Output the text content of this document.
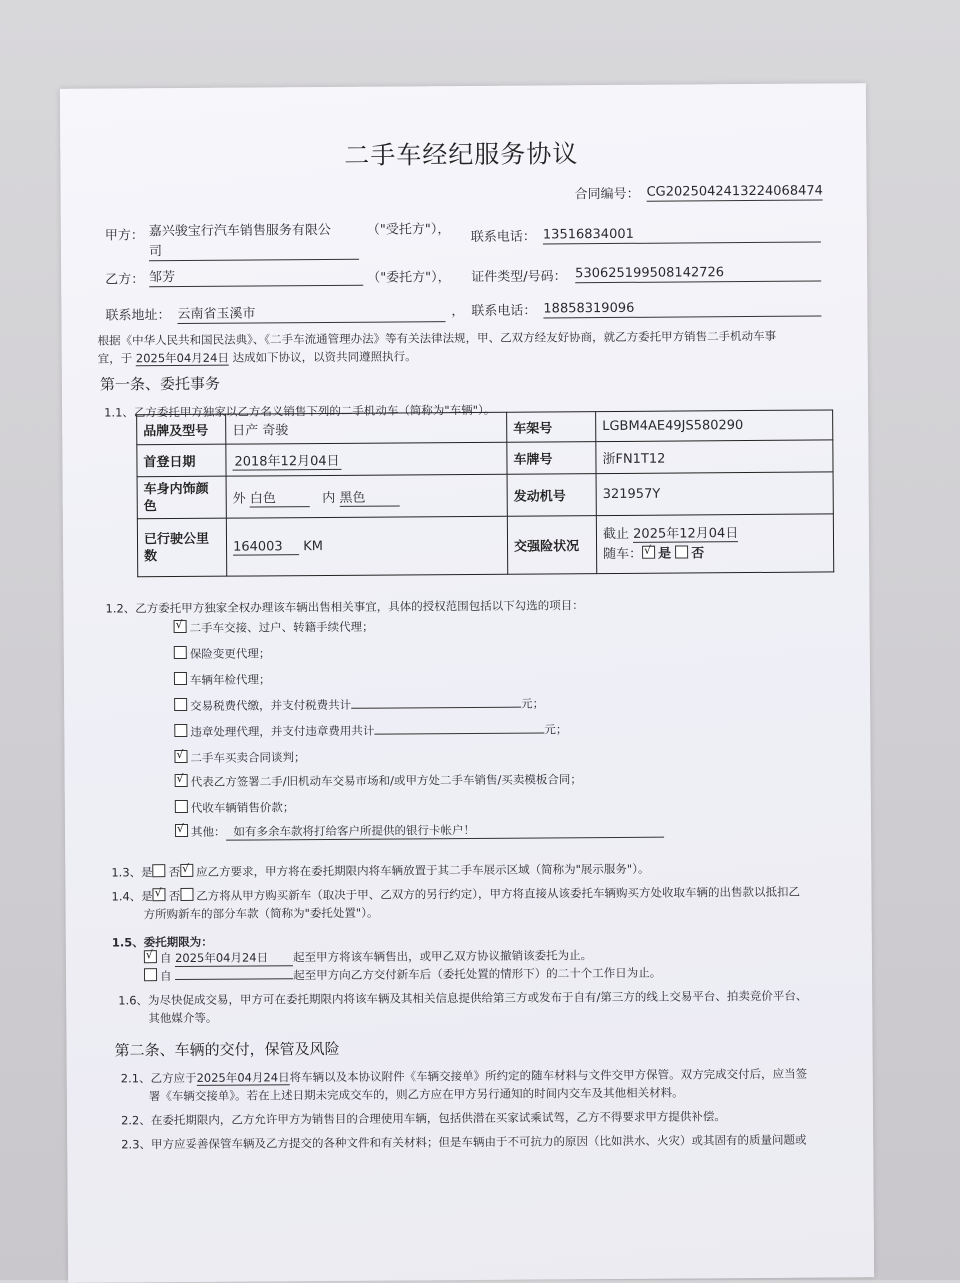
二手车经纪服务协议
合同编号： CG2025042413224068474
甲方： 嘉兴骏宝行汽车销售服务有限公
司
（"受托方"）， 联系电话： 13516834001
乙方： 邹芳	（"委托方"）， 证件类型/号码： 530625199508142726
联系地址： 云南省玉溪市	， 联系电话： 18858319096
根据《中华人民共和国民法典》、《二手车流通管理办法》等有关法律法规，甲、乙双方经友好协商，就乙方委托甲方销售二手机动车事
宜，于 2025年04月24日 达成如下协议，以资共同遵照执行。
第一条、委托事务
1.1、乙方委托甲方独家以乙方名义销售下列的二手机动车（简称为"车辆"）。
品牌及型号	日产 奇骏	车架号	LGBM4AE49JS580290
首登日期	2018年12月04日	车牌号	浙FN1T12
车身内饰颜
色	外 白色 内 黑色	发动机号	321957Y
已行驶公里
数	164003 KM	交强险状况	截止 2025年12月04日
随车： √ 是 否
1.2、乙方委托甲方独家全权办理该车辆出售相关事宜，具体的授权范围包括以下勾选的项目：
√二手车交接、过户、转籍手续代理；
保险变更代理；
车辆年检代理；
交易税费代缴，并支付税费共计	元；
违章处理代理，并支付违章费用共计	元；
√二手车买卖合同谈判；
√代表乙方签署二手/旧机动车交易市场和/或甲方处二手车销售/买卖模板合同；
代收车辆销售价款；
√其他： 如有多余车款将打给客户所提供的银行卡帐户！
1.3、是 否 √ 应乙方要求，甲方将在委托期限内将车辆放置于其二手车展示区域（简称为"展示服务"）。
1.4、是 √ 否 乙方将从甲方购买新车（取决于甲、乙双方的另行约定），甲方将直接从该委托车辆购买方处收取车辆的出售款以抵扣乙
方所购新车的部分车款（简称为"委托处置"）。
1.5、委托期限为：
√自 2025年04月24日 起至甲方将该车辆售出，或甲乙双方协议撤销该委托为止。
自	起至甲方向乙方交付新车后（委托处置的情形下）的二十个工作日为止。
1.6、为尽快促成交易，甲方可在委托期限内将该车辆及其相关信息提供给第三方或发布于自有/第三方的线上交易平台、拍卖竞价平台、
其他媒介等。
第二条、车辆的交付，保管及风险
2.1、乙方应于2025年04月24日将车辆以及本协议附件《车辆交接单》所约定的随车材料与文件交甲方保管。双方完成交付后，应当签
署《车辆交接单》。若在上述日期未完成交车的，则乙方应在甲方另行通知的时间内交车及其他相关材料。
2.2、在委托期限内，乙方允许甲方为销售目的合理使用车辆，包括供潜在买家试乘试驾，乙方不得要求甲方提供补偿。
2.3、甲方应妥善保管车辆及乙方提交的各种文件和有关材料；但是车辆由于不可抗力的原因（比如洪水、火灾）或其固有的质量问题或
